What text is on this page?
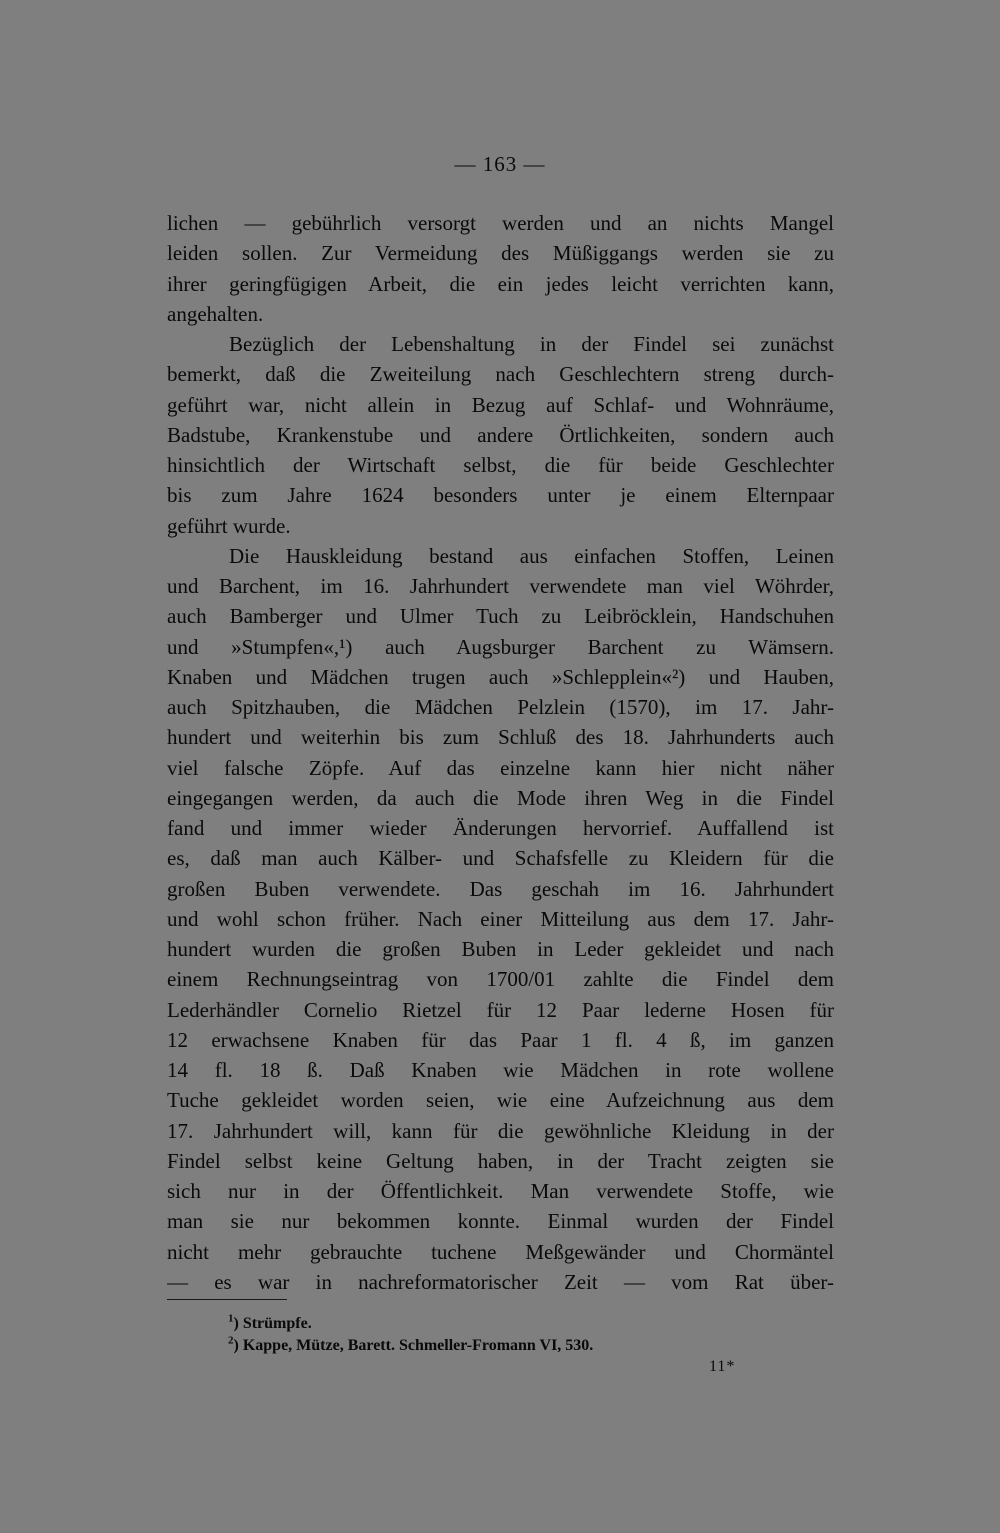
— 163 —
lichen — gebührlich versorgt werden und an nichts Mangel
leiden sollen. Zur Vermeidung des Müßiggangs werden sie zu
ihrer geringfügigen Arbeit, die ein jedes leicht verrichten kann,
angehalten.
Bezüglich der Lebenshaltung in der Findel sei zunächst
bemerkt, daß die Zweiteilung nach Geschlechtern streng durch-
geführt war, nicht allein in Bezug auf Schlaf- und Wohnräume,
Badstube, Krankenstube und andere Örtlichkeiten, sondern auch
hinsichtlich der Wirtschaft selbst, die für beide Geschlechter
bis zum Jahre 1624 besonders unter je einem Elternpaar
geführt wurde.
Die Hauskleidung bestand aus einfachen Stoffen, Leinen
und Barchent, im 16. Jahrhundert verwendete man viel Wöhrder,
auch Bamberger und Ulmer Tuch zu Leibröcklein, Handschuhen
und »Stumpfen«,¹) auch Augsburger Barchent zu Wämsern.
Knaben und Mädchen trugen auch »Schlepplein«²) und Hauben,
auch Spitzhauben, die Mädchen Pelzlein (1570), im 17. Jahr-
hundert und weiterhin bis zum Schluß des 18. Jahrhunderts auch
viel falsche Zöpfe. Auf das einzelne kann hier nicht näher
eingegangen werden, da auch die Mode ihren Weg in die Findel
fand und immer wieder Änderungen hervorrief. Auffallend ist
es, daß man auch Kälber- und Schafsfelle zu Kleidern für die
großen Buben verwendete. Das geschah im 16. Jahrhundert
und wohl schon früher. Nach einer Mitteilung aus dem 17. Jahr-
hundert wurden die großen Buben in Leder gekleidet und nach
einem Rechnungseintrag von 1700/01 zahlte die Findel dem
Lederhändler Cornelio Rietzel für 12 Paar lederne Hosen für
12 erwachsene Knaben für das Paar 1 fl. 4 ß, im ganzen
14 fl. 18 ß. Daß Knaben wie Mädchen in rote wollene
Tuche gekleidet worden seien, wie eine Aufzeichnung aus dem
17. Jahrhundert will, kann für die gewöhnliche Kleidung in der
Findel selbst keine Geltung haben, in der Tracht zeigten sie
sich nur in der Öffentlichkeit. Man verwendete Stoffe, wie
man sie nur bekommen konnte. Einmal wurden der Findel
nicht mehr gebrauchte tuchene Meßgewänder und Chormäntel
— es war in nachreformatorischer Zeit — vom Rat über-
$^1$) Strümpfe.
$^2$) Kappe, Mütze, Barett. Schmeller-Fromann VI, 530.
11*
